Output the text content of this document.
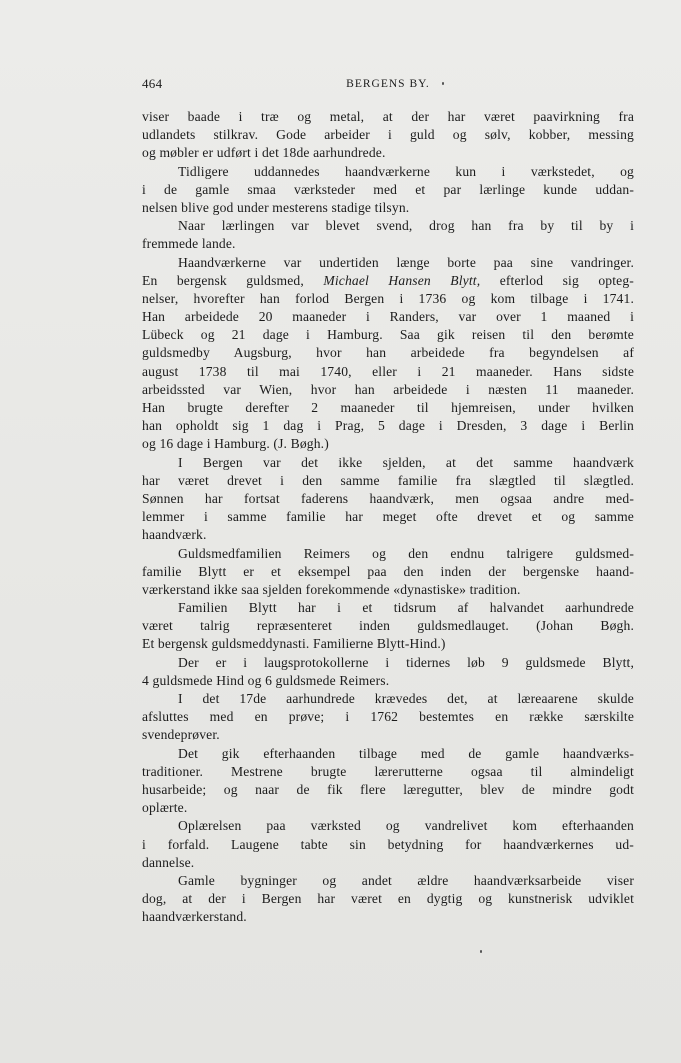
464	BERGENS BY.
viser baade i træ og metal, at der har været paavirkning fra
udlandets stilkrav. Gode arbeider i guld og sølv, kobber, messing
og møbler er udført i det 18de aarhundrede.
Tidligere uddannedes haandværkerne kun i værkstedet, og
i de gamle smaa værksteder med et par lærlinge kunde uddan-
nelsen blive god under mesterens stadige tilsyn.
Naar lærlingen var blevet svend, drog han fra by til by i
fremmede lande.
Haandværkerne var undertiden længe borte paa sine vandringer.
En bergensk guldsmed, Michael Hansen Blytt, efterlod sig opteg-
nelser, hvorefter han forlod Bergen i 1736 og kom tilbage i 1741.
Han arbeidede 20 maaneder i Randers, var over 1 maaned i
Lübeck og 21 dage i Hamburg. Saa gik reisen til den berømte
guldsmedby Augsburg, hvor han arbeidede fra begyndelsen af
august 1738 til mai 1740, eller i 21 maaneder. Hans sidste
arbeidssted var Wien, hvor han arbeidede i næsten 11 maaneder.
Han brugte derefter 2 maaneder til hjemreisen, under hvilken
han opholdt sig 1 dag i Prag, 5 dage i Dresden, 3 dage i Berlin
og 16 dage i Hamburg. (J. Bøgh.)
I Bergen var det ikke sjelden, at det samme haandværk
har været drevet i den samme familie fra slægtled til slægtled.
Sønnen har fortsat faderens haandværk, men ogsaa andre med-
lemmer i samme familie har meget ofte drevet et og samme
haandværk.
Guldsmedfamilien Reimers og den endnu talrigere guldsmed-
familie Blytt er et eksempel paa den inden der bergenske haand-
værkerstand ikke saa sjelden forekommende «dynastiske» tradition.
Familien Blytt har i et tidsrum af halvandet aarhundrede
været talrig repræsenteret inden guldsmedlauget. (Johan Bøgh.
Et bergensk guldsmeddynasti. Familierne Blytt-Hind.)
Der er i laugsprotokollerne i tidernes løb 9 guldsmede Blytt,
4 guldsmede Hind og 6 guldsmede Reimers.
I det 17de aarhundrede krævedes det, at læreaarene skulde
afsluttes med en prøve; i 1762 bestemtes en række særskilte
svendeprøver.
Det gik efterhaanden tilbage med de gamle haandværks-
traditioner. Mestrene brugte lærегutterne ogsaa til almindeligt
husarbeide; og naar de fik flere lærеgutter, blev de mindre godt
oplærte.
Oplærelsen paa værksted og vandrelivet kom efterhaanden
i forfald. Laugene tabte sin betydning for haandværkernes ud-
dannelse.
Gamle bygninger og andet ældre haandværksarbeide viser
dog, at der i Bergen har været en dygtig og kunstnerisk udviklet
haandværkerstand.
